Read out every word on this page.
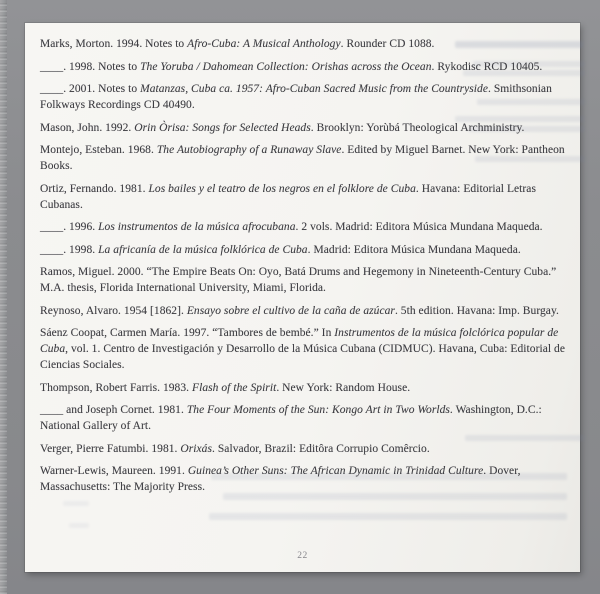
Marks, Morton. 1994. Notes to Afro-Cuba: A Musical Anthology. Rounder CD 1088.

____. 1998. Notes to The Yoruba / Dahomean Collection: Orishas across the Ocean. Rykodisc RCD 10405.

____. 2001. Notes to Matanzas, Cuba ca. 1957: Afro-Cuban Sacred Music from the Countryside. Smithsonian Folkways Recordings CD 40490.

Mason, John. 1992. Orin Òrisa: Songs for Selected Heads. Brooklyn: Yorùbá Theological Archministry.

Montejo, Esteban. 1968. The Autobiography of a Runaway Slave. Edited by Miguel Barnet. New York: Pantheon Books.

Ortiz, Fernando. 1981. Los bailes y el teatro de los negros en el folklore de Cuba. Havana: Editorial Letras Cubanas.

____. 1996. Los instrumentos de la música afrocubana. 2 vols. Madrid: Editora Música Mundana Maqueda.

____. 1998. La africanía de la música folklórica de Cuba. Madrid: Editora Música Mundana Maqueda.

Ramos, Miguel. 2000. “The Empire Beats On: Oyo, Batá Drums and Hegemony in Nineteenth-Century Cuba.” M.A. thesis, Florida International University, Miami, Florida.

Reynoso, Alvaro. 1954 [1862]. Ensayo sobre el cultivo de la caña de azúcar. 5th edition. Havana: Imp. Burgay.

Sáenz Coopat, Carmen María. 1997. “Tambores de bembé.” In Instrumentos de la música folclórica popular de Cuba, vol. 1. Centro de Investigación y Desarrollo de la Música Cubana (CIDMUC). Havana, Cuba: Editorial de Ciencias Sociales.

Thompson, Robert Farris. 1983. Flash of the Spirit. New York: Random House.

____ and Joseph Cornet. 1981. The Four Moments of the Sun: Kongo Art in Two Worlds. Washington, D.C.: National Gallery of Art.

Verger, Pierre Fatumbi. 1981. Orixás. Salvador, Brazil: Editôra Corrupio Comêrcio.

Warner-Lewis, Maureen. 1991. Guinea’s Other Suns: The African Dynamic in Trinidad Culture. Dover, Massachusetts: The Majority Press.

22
